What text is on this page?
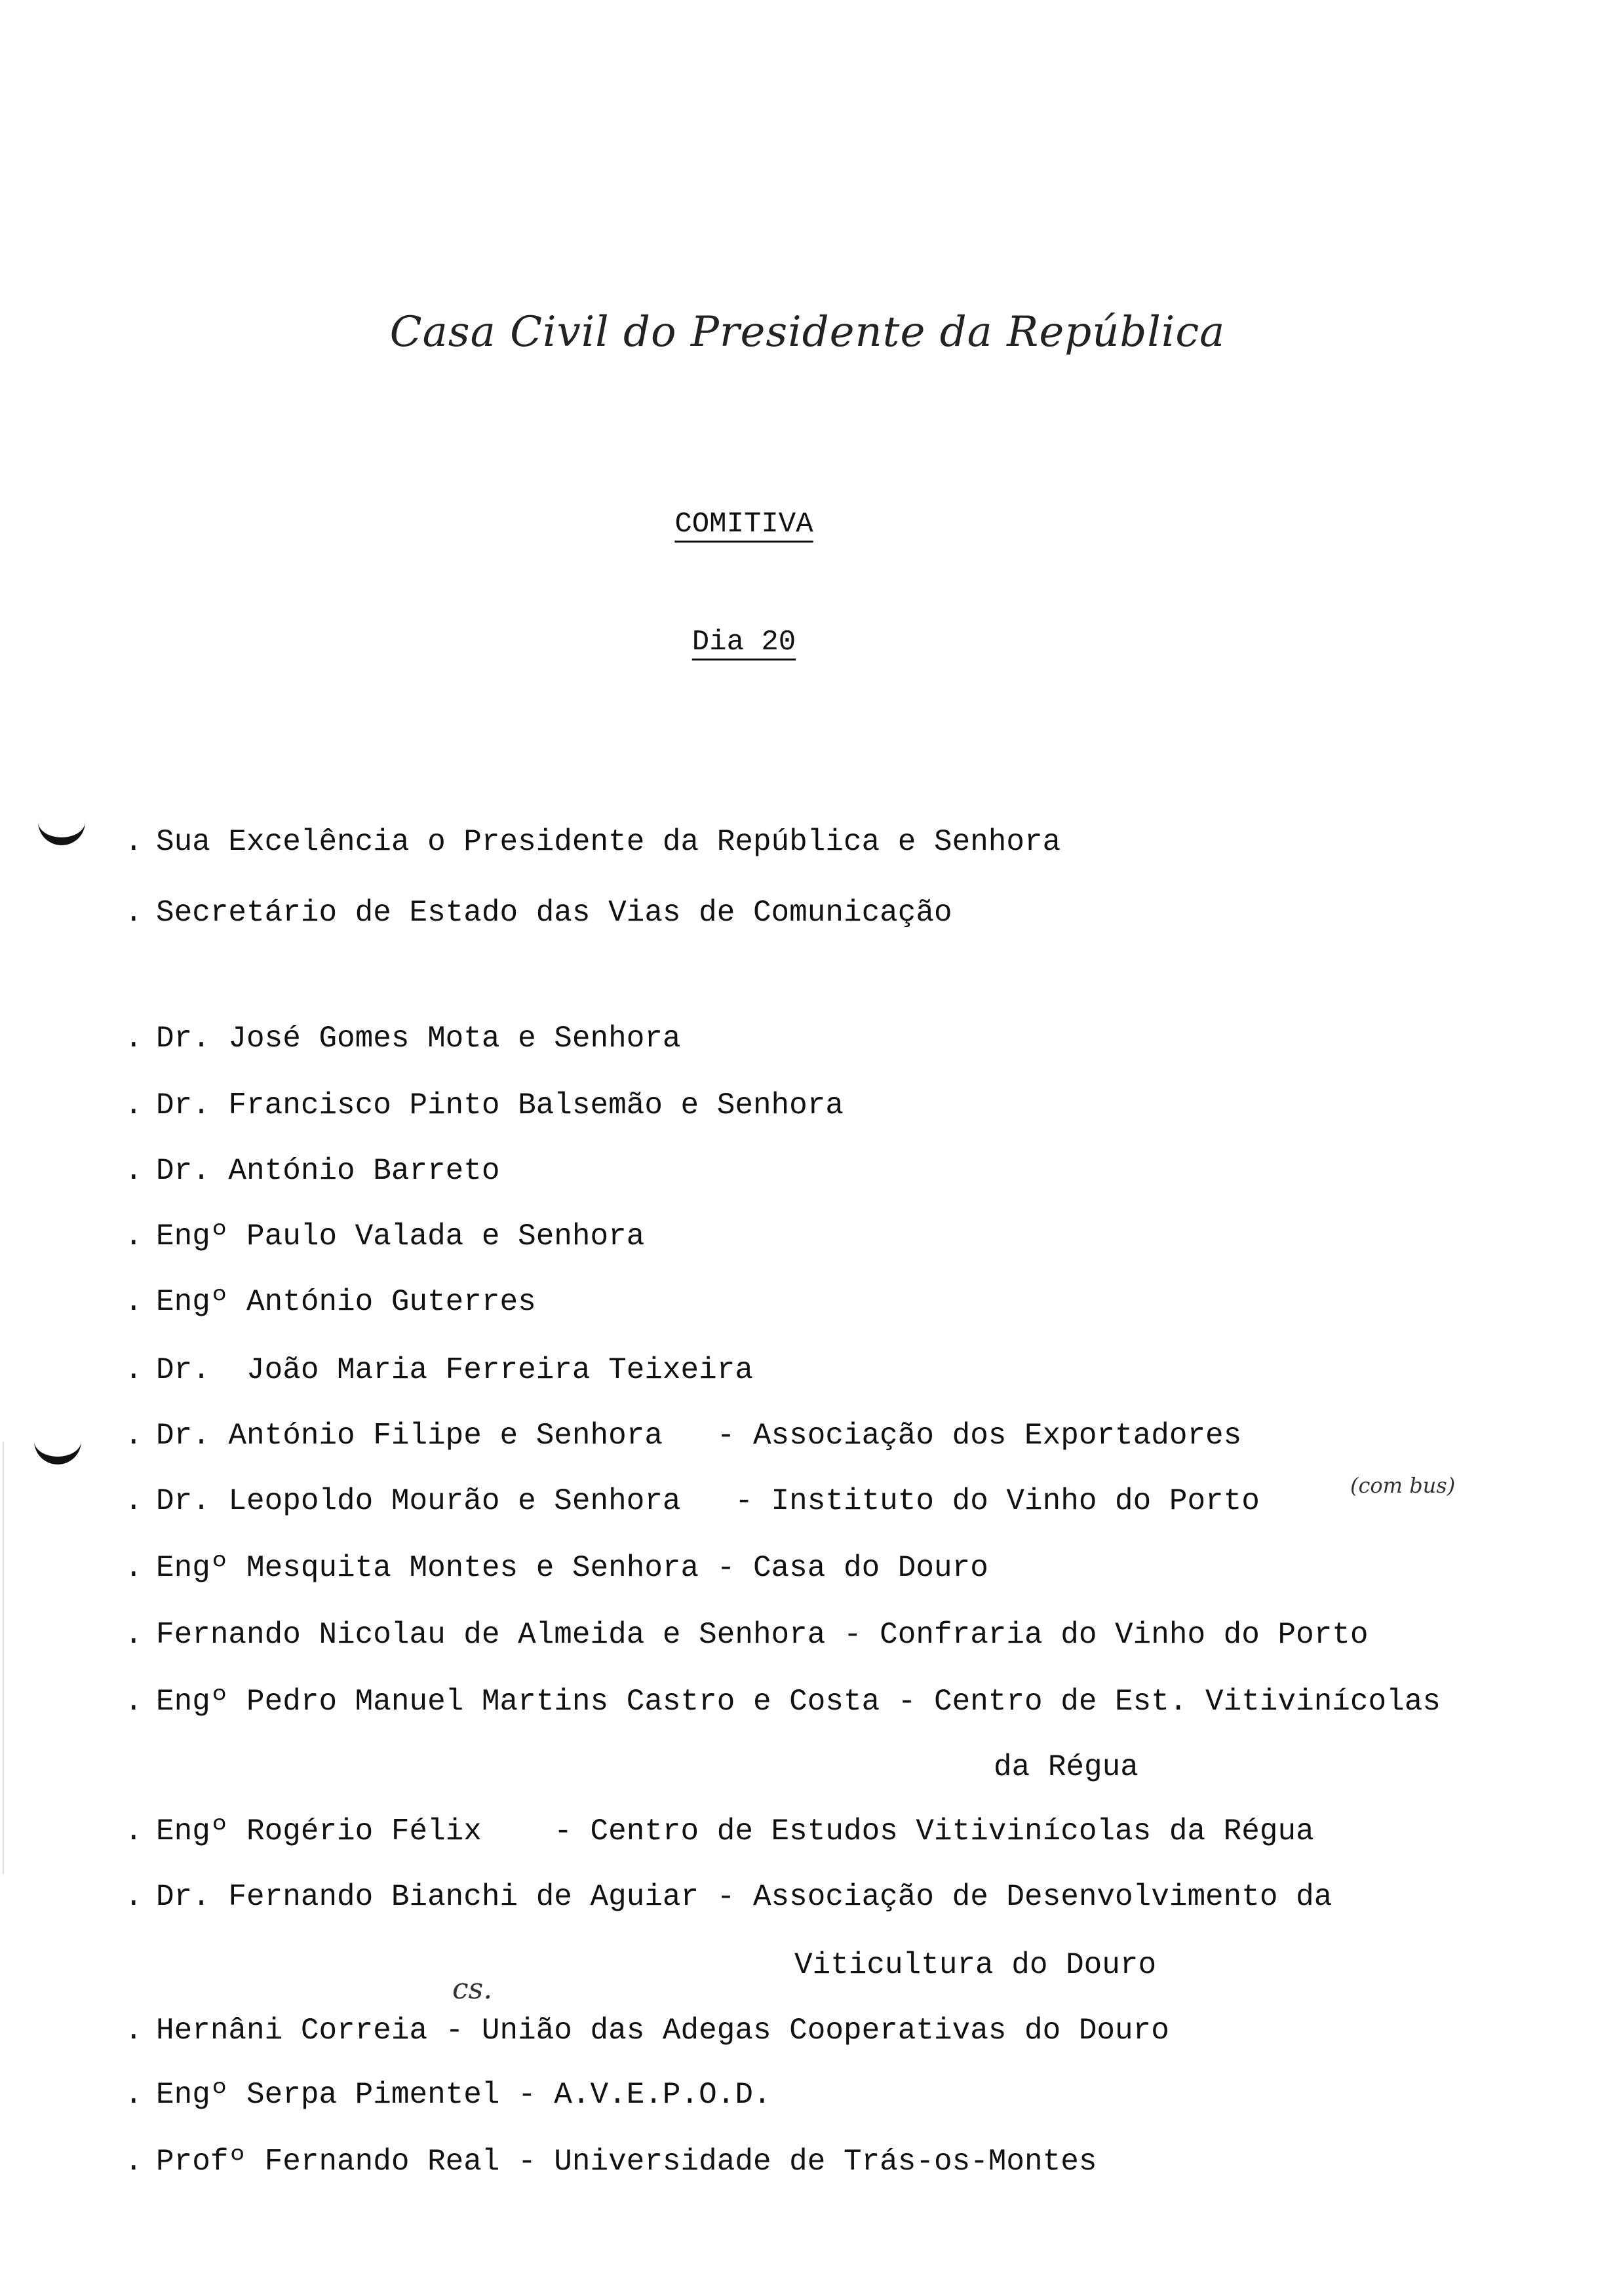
Casa Civil do Presidente da República
COMITIVA
Dia 20
. Sua Excelência o Presidente da República e Senhora
. Secretário de Estado das Vias de Comunicação
. Dr. José Gomes Mota e Senhora
. Dr. Francisco Pinto Balsemão e Senhora
. Dr. António Barreto
. Engº Paulo Valada e Senhora
. Engº António Guterres
. Dr.  João Maria Ferreira Teixeira
. Dr. António Filipe e Senhora   - Associação dos Exportadores
. Dr. Leopoldo Mourão e Senhora   - Instituto do Vinho do Porto
. Engº Mesquita Montes e Senhora - Casa do Douro
. Fernando Nicolau de Almeida e Senhora - Confraria do Vinho do Porto
. Engº Pedro Manuel Martins Castro e Costa - Centro de Est. Vitivinícolas
da Régua
. Engº Rogério Félix    - Centro de Estudos Vitivinícolas da Régua
. Dr. Fernando Bianchi de Aguiar - Associação de Desenvolvimento da
Viticultura do Douro
. Hernâni Correia - União das Adegas Cooperativas do Douro
. Engº Serpa Pimentel - A.V.E.P.O.D.
. Profº Fernando Real - Universidade de Trás-os-Montes
(com bus)
cs.
